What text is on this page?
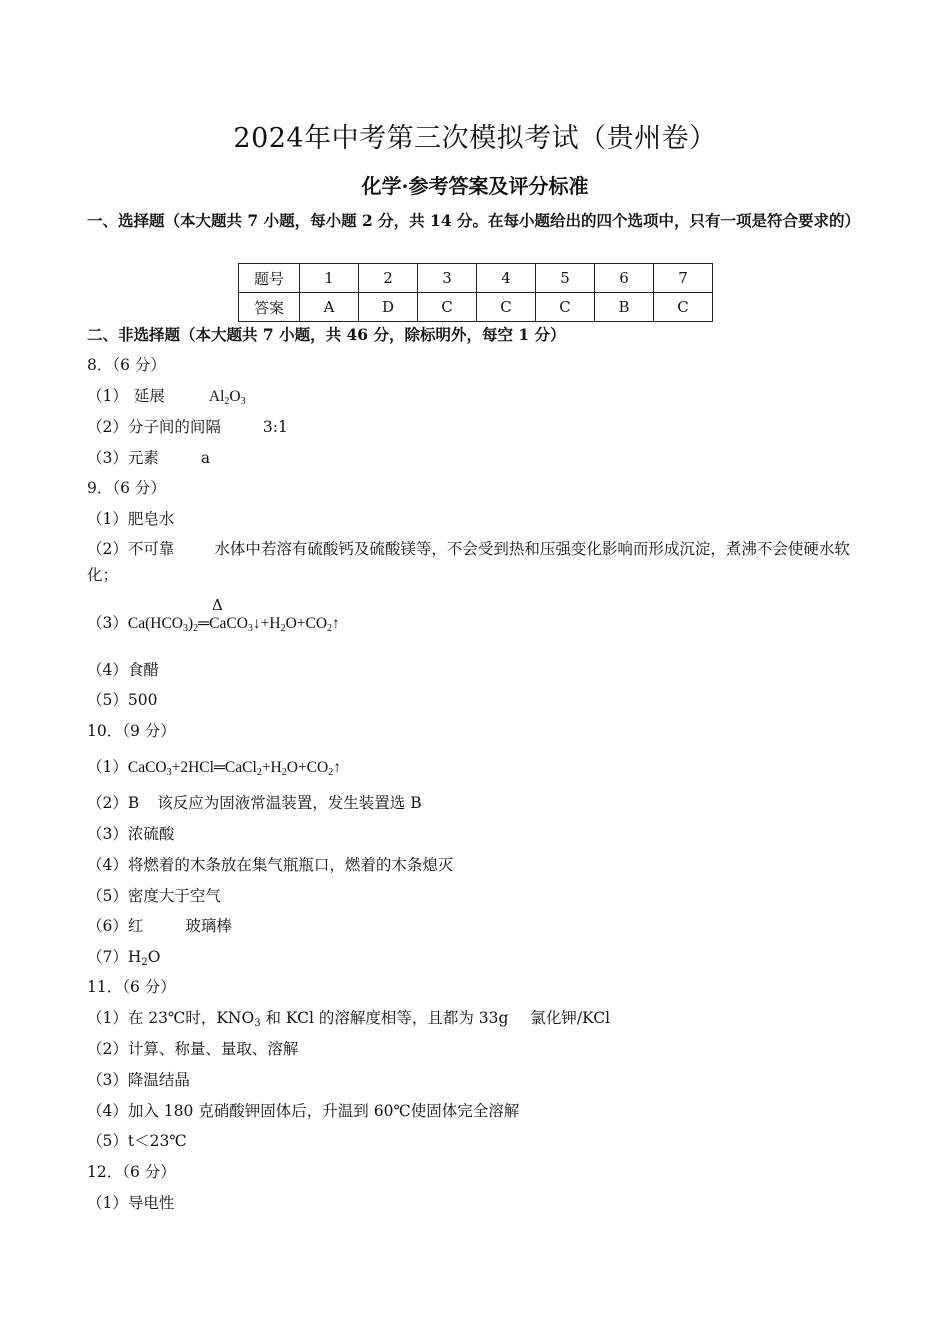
2024年中考第三次模拟考试（贵州卷）
化学·参考答案及评分标准
一、选择题（本大题共 7 小题，每小题 2 分，共 14 分。在每小题给出的四个选项中，只有一项是符合要求的）
题号	1	2	3	4	5	6	7
答案	A	D	C	C	C	B	C
二、非选择题（本大题共 7 小题，共 46 分，除标明外，每空 1 分）
8．（6 分）
（1） 延展	$Al_2O_3$
（2）分子间的间隔	3:1
（3）元素	a
9．（6 分）
（1）肥皂水
（2）不可靠	水体中若溶有硫酸钙及硫酸镁等，不会受到热和压强变化影响而形成沉淀，煮沸不会使硬水软化；
Δ
$(3)Ca(HCO_3)_2═CaCO_3↓+H_2O+CO_2↑$
（4）食醋
（5）500
10．（9 分）
$(1)CaCO_3+2HCl═CaCl_2+H_2O+CO_2↑$
（2）B 该反应为固液常温装置，发生装置选 B
（3）浓硫酸
（4）将燃着的木条放在集气瓶瓶口，燃着的木条熄灭
（5）密度大于空气
（6）红	玻璃棒
$(7)H_2O$
11．（6 分）
（1）在 23℃时，$KNO_3$ 和 KCl 的溶解度相等，且都为 33g 氯化钾/KCl
（2）计算、称量、量取、溶解
（3）降温结晶
（4）加入 180 克硝酸钾固体后，升温到 60℃使固体完全溶解
（5）t＜23℃
12．（6 分）
（1）导电性
